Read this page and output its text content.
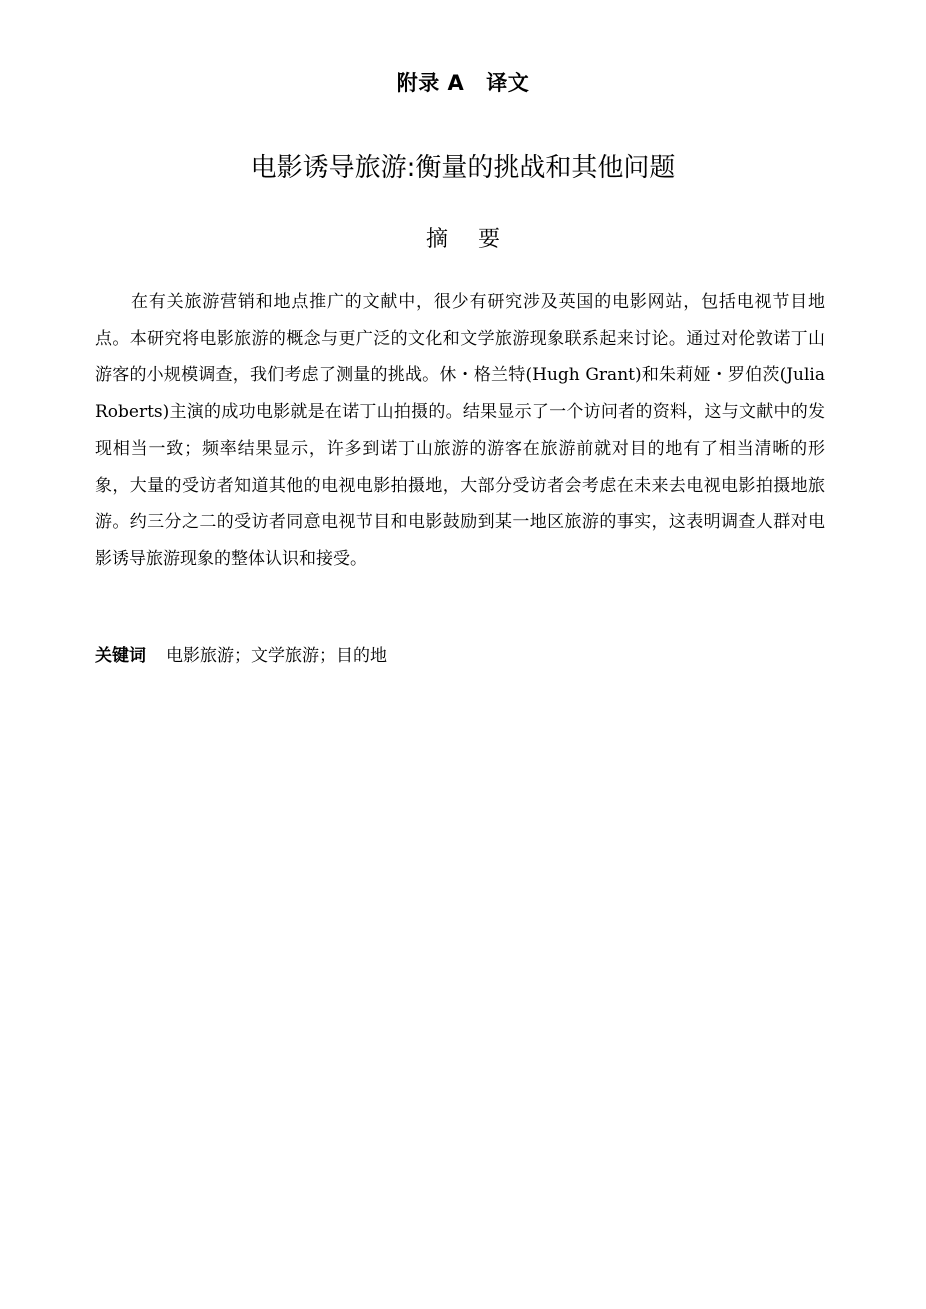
附录 A 译文
电影诱导旅游:衡量的挑战和其他问题
摘要

在有关旅游营销和地点推广的文献中，很少有研究涉及英国的电影网站，包括电视节目地点。本研究将电影旅游的概念与更广泛的文化和文学旅游现象联系起来讨论。通过对伦敦诺丁山游客的小规模调查，我们考虑了测量的挑战。休・格兰特(Hugh Grant)和朱莉娅・罗伯茨(Julia Roberts)主演的成功电影就是在诺丁山拍摄的。结果显示了一个访问者的资料，这与文献中的发现相当一致；频率结果显示，许多到诺丁山旅游的游客在旅游前就对目的地有了相当清晰的形象，大量的受访者知道其他的电视电影拍摄地，大部分受访者会考虑在未来去电视电影拍摄地旅游。约三分之二的受访者同意电视节目和电影鼓励到某一地区旅游的事实，这表明调查人群对电影诱导旅游现象的整体认识和接受。

关键词 电影旅游；文学旅游；目的地
